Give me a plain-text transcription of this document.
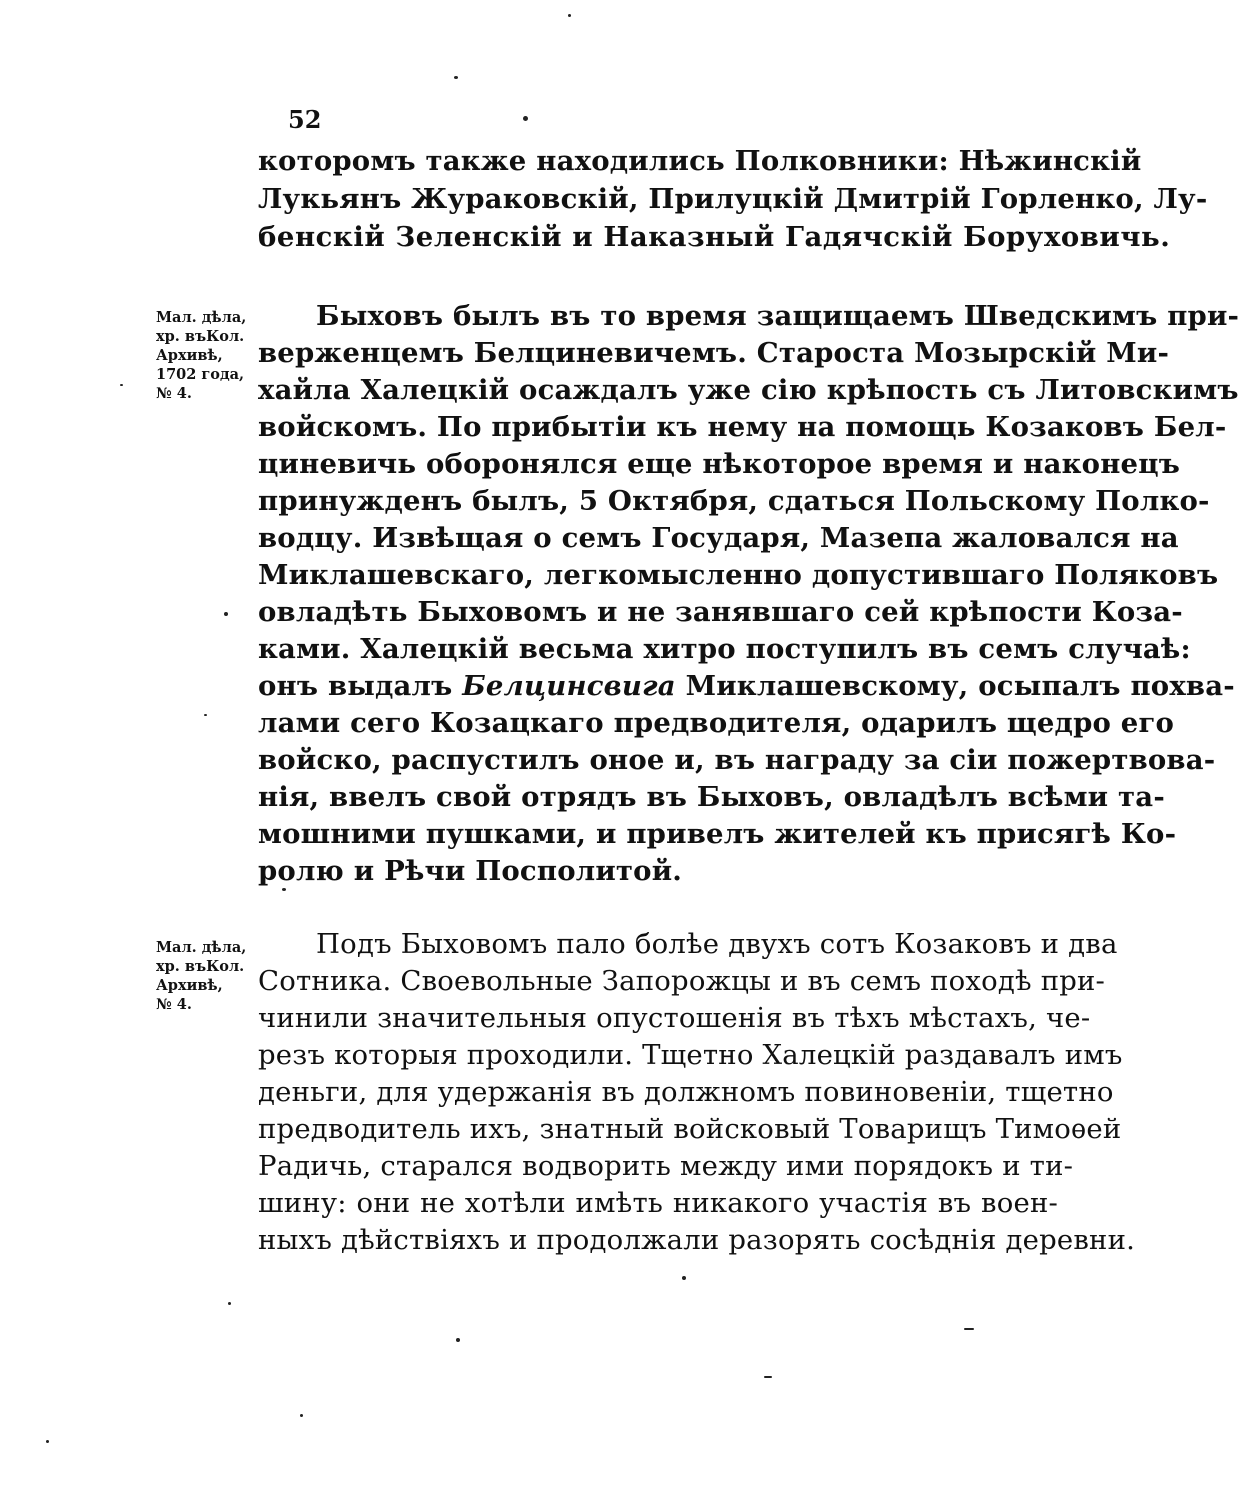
52
которомъ также находились Полковники: Нѣжинскій
Лукьянъ Жураковскій, Прилуцкій Дмитрій Горленко, Лу-
бенскій Зеленскій и Наказный Гадячскій Боруховичь.
Мал. дѣла,
хр. въКол.
Архивѣ,
1702 года,
№ 4.
Быховъ былъ въ то время защищаемъ Шведскимъ при-
верженцемъ Белциневичемъ. Староста Мозырскій Ми-
хайла Халецкій осаждалъ уже сію крѣпость съ Литовскимъ
войскомъ. По прибытіи къ нему на помощь Козаковъ Бел-
циневичь оборонялся еще нѣкоторое время и наконецъ
принужденъ былъ, 5 Октября, сдаться Польскому Полко-
водцу. Извѣщая о семъ Государя, Мазепа жаловался на
Миклашевскаго, легкомысленно допустившаго Поляковъ
овладѣть Быховомъ и не занявшаго сей крѣпости Коза-
ками. Халецкій весьма хитро поступилъ въ семъ случаѣ:
онъ выдалъ Белцинсвига Миклашевскому, осыпалъ похва-
лами сего Козацкаго предводителя, одарилъ щедро его
войско, распустилъ оное и, въ награду за сіи пожертвова-
нія, ввелъ свой отрядъ въ Быховъ, овладѣлъ всѣми та-
мошними пушками, и привелъ жителей къ присягѣ Ко-
ролю и Рѣчи Посполитой.
Мал. дѣла,
хр. въКол.
Архивѣ,
№ 4.
Подъ Быховомъ пало болѣе двухъ сотъ Козаковъ и два
Сотника. Своевольные Запорожцы и въ семъ походѣ при-
чинили значительныя опустошенія въ тѣхъ мѣстахъ, че-
резъ которыя проходили. Тщетно Халецкій раздавалъ имъ
деньги, для удержанія въ должномъ повиновеніи, тщетно
предводитель ихъ, знатный войсковый Товарищъ Тимоѳей
Радичь, старался водворить между ими порядокъ и ти-
шину: они не хотѣли имѣть никакого участія въ воен-
ныхъ дѣйствіяхъ и продолжали разорять сосѣднія деревни.
